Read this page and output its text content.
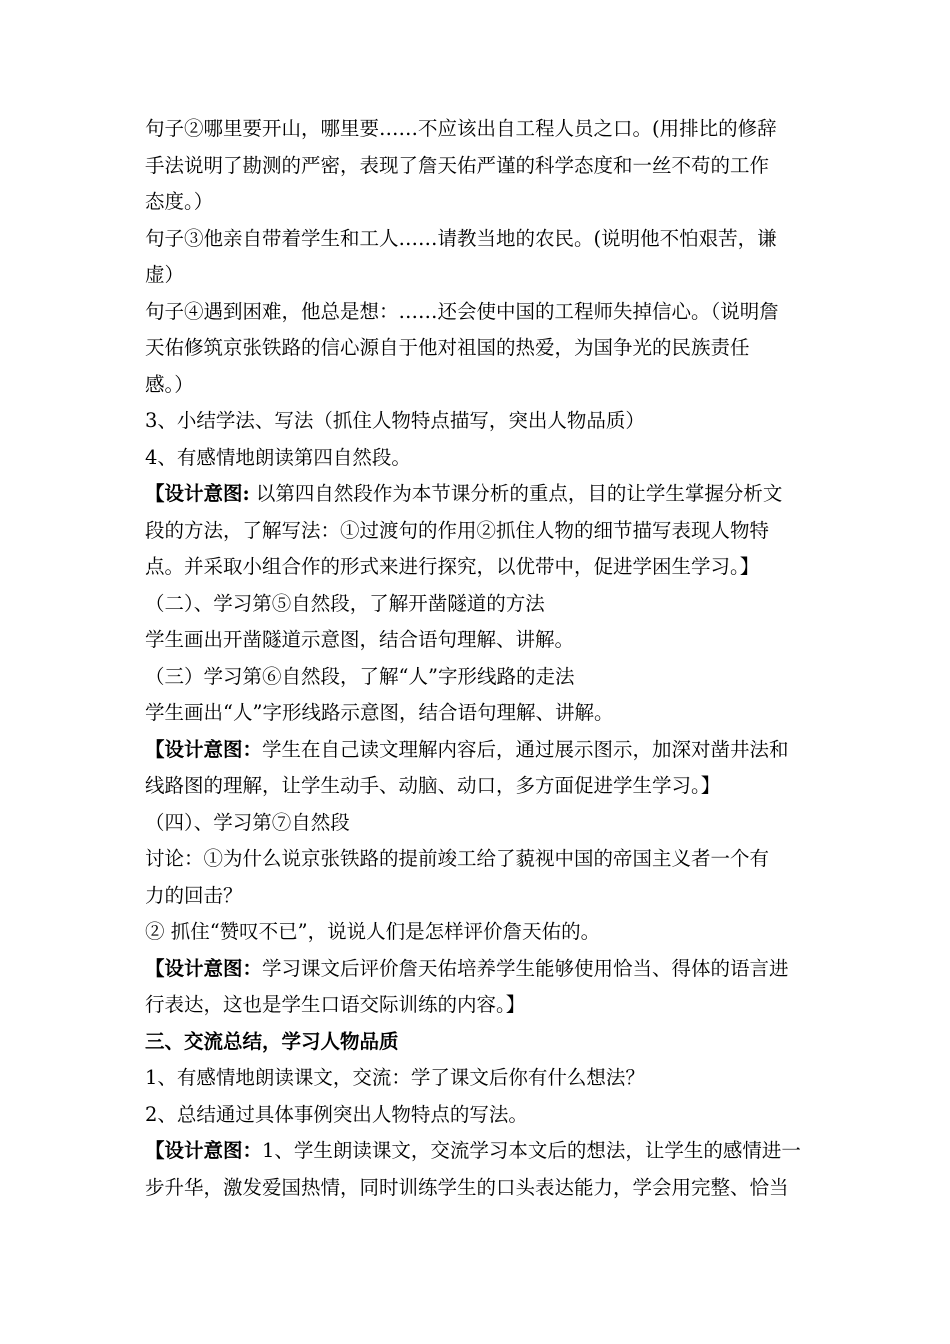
句子②哪里要开山，哪里要……不应该出自工程人员之口。(用排比的修辞
手法说明了勘测的严密，表现了詹天佑严谨的科学态度和一丝不苟的工作
态度。）
句子③他亲自带着学生和工人……请教当地的农民。(说明他不怕艰苦，谦
虚）
句子④遇到困难，他总是想：……还会使中国的工程师失掉信心。（说明詹
天佑修筑京张铁路的信心源自于他对祖国的热爱，为国争光的民族责任
感。）
3、小结学法、写法（抓住人物特点描写，突出人物品质）
4、有感情地朗读第四自然段。
【设计意图: 以第四自然段作为本节课分析的重点，目的让学生掌握分析文
段的方法，了解写法：①过渡句的作用②抓住人物的细节描写表现人物特
点。并采取小组合作的形式来进行探究，以优带中，促进学困生学习。】
（二）、学习第⑤自然段，了解开凿隧道的方法
学生画出开凿隧道示意图，结合语句理解、讲解。
（三）学习第⑥自然段，了解“人”字形线路的走法
学生画出“人”字形线路示意图，结合语句理解、讲解。
【设计意图：学生在自己读文理解内容后，通过展示图示，加深对凿井法和
线路图的理解，让学生动手、动脑、动口，多方面促进学生学习。】
（四）、学习第⑦自然段
讨论：①为什么说京张铁路的提前竣工给了藐视中国的帝国主义者一个有
力的回击？
② 抓住“赞叹不已”，说说人们是怎样评价詹天佑的。
【设计意图：学习课文后评价詹天佑培养学生能够使用恰当、得体的语言进
行表达，这也是学生口语交际训练的内容。】
三、交流总结，学习人物品质
1、有感情地朗读课文，交流：学了课文后你有什么想法？
2、总结通过具体事例突出人物特点的写法。
【设计意图：1、学生朗读课文，交流学习本文后的想法，让学生的感情进一
步升华，激发爱国热情，同时训练学生的口头表达能力，学会用完整、恰当
